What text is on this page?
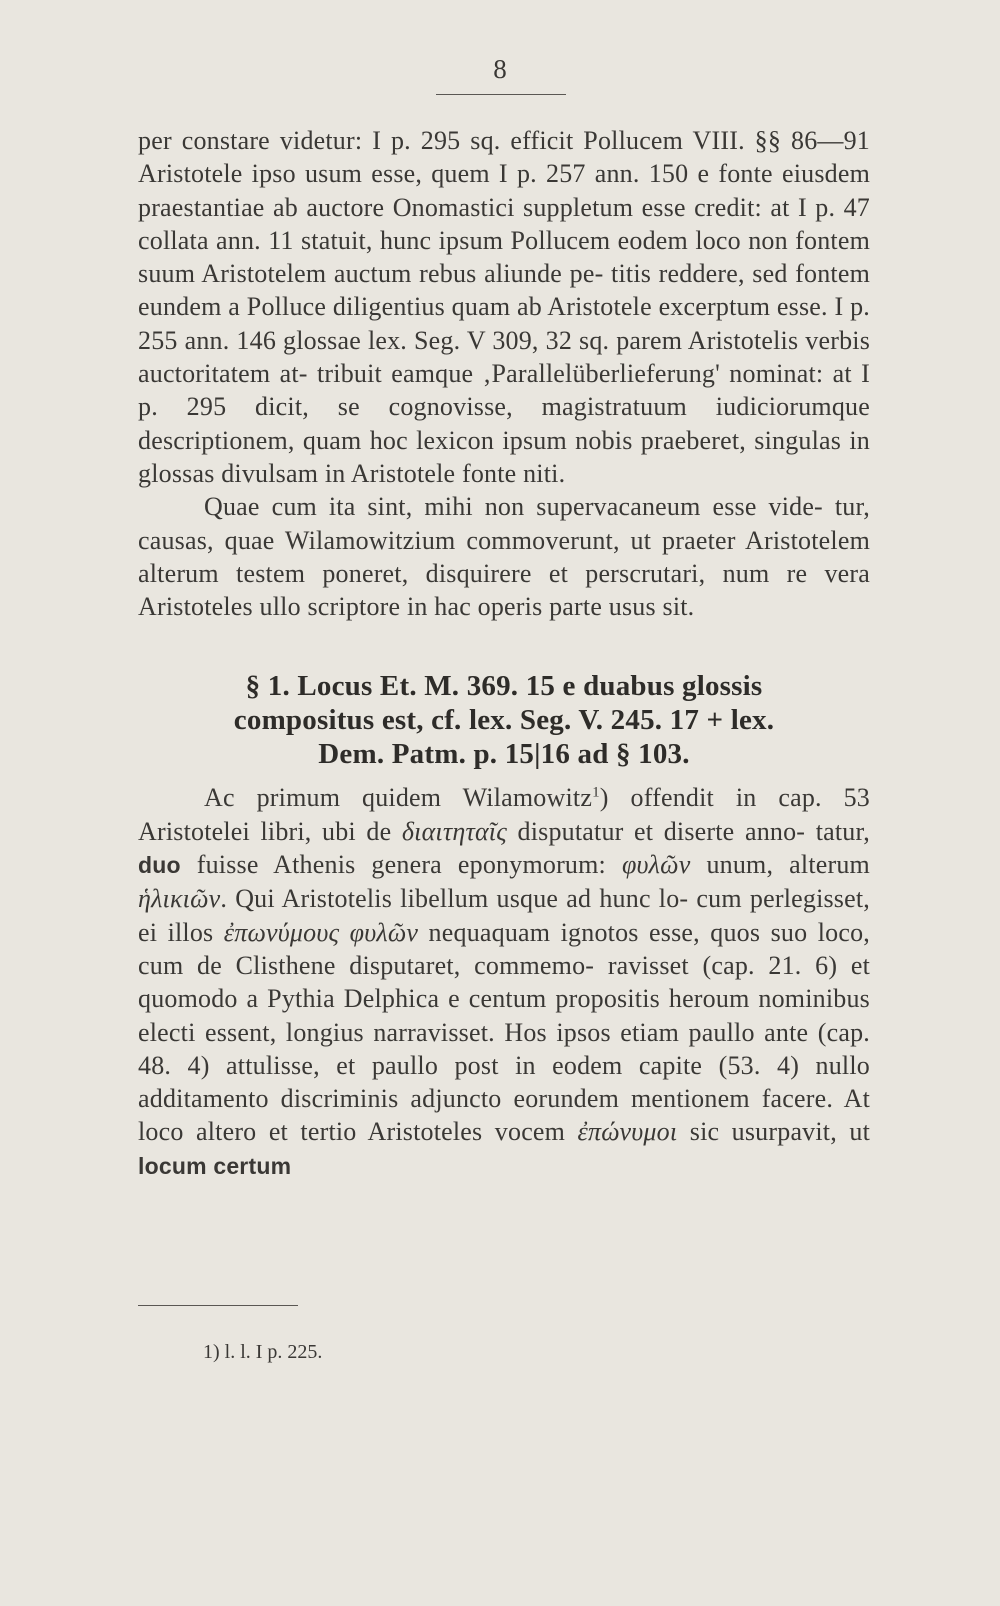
8

per constare videtur: I p. 295 sq. efficit Pollucem VIII. §§ 86—91 Aristotele ipso usum esse, quem I p. 257 ann. 150 e fonte eiusdem praestantiae ab auctore Onomastici suppletum esse credit: at I p. 47 collata ann. 11 statuit, hunc ipsum Pollucem eodem loco non fontem suum Aristotelem auctum rebus aliunde pe- titis reddere, sed fontem eundem a Polluce diligentius quam ab Aristotele excerptum esse. I p. 255 ann. 146 glossae lex. Seg. V 309, 32 sq. parem Aristotelis verbis auctoritatem at- tribuit eamque ‚Parallelüberlieferung' nominat: at I p. 295 dicit, se cognovisse, magistratuum iudiciorumque descriptionem, quam hoc lexicon ipsum nobis praeberet, singulas in glossas divulsam in Aristotele fonte niti.

Quae cum ita sint, mihi non supervacaneum esse vide- tur, causas, quae Wilamowitzium commoverunt, ut praeter Aristotelem alterum testem poneret, disquirere et perscrutari, num re vera Aristoteles ullo scriptore in hac operis parte usus sit.

§ 1. Locus Et. M. 369. 15 e duabus glossis
compositus est, cf. lex. Seg. V. 245. 17 + lex.
Dem. Patm. p. 15|16 ad § 103.

Ac primum quidem Wilamowitz$^1$) offendit in cap. 53 Aristotelei libri, ubi de διαιτηταῖς disputatur et diserte anno- tatur, duo fuisse Athenis genera eponymorum: φυλῶν unum, alterum ἡλικιῶν. Qui Aristotelis libellum usque ad hunc lo- cum perlegisset, ei illos ἐπωνύμους φυλῶν nequaquam ignotos esse, quos suo loco, cum de Clisthene disputaret, commemo- ravisset (cap. 21. 6) et quomodo a Pythia Delphica e centum propositis heroum nominibus electi essent, longius narravisset. Hos ipsos etiam paullo ante (cap. 48. 4) attulisse, et paullo post in eodem capite (53. 4) nullo additamento discriminis adjuncto eorundem mentionem facere. At loco altero et tertio Aristoteles vocem ἐπώνυμοι sic usurpavit, ut locum certum

1) l. l. I p. 225.
